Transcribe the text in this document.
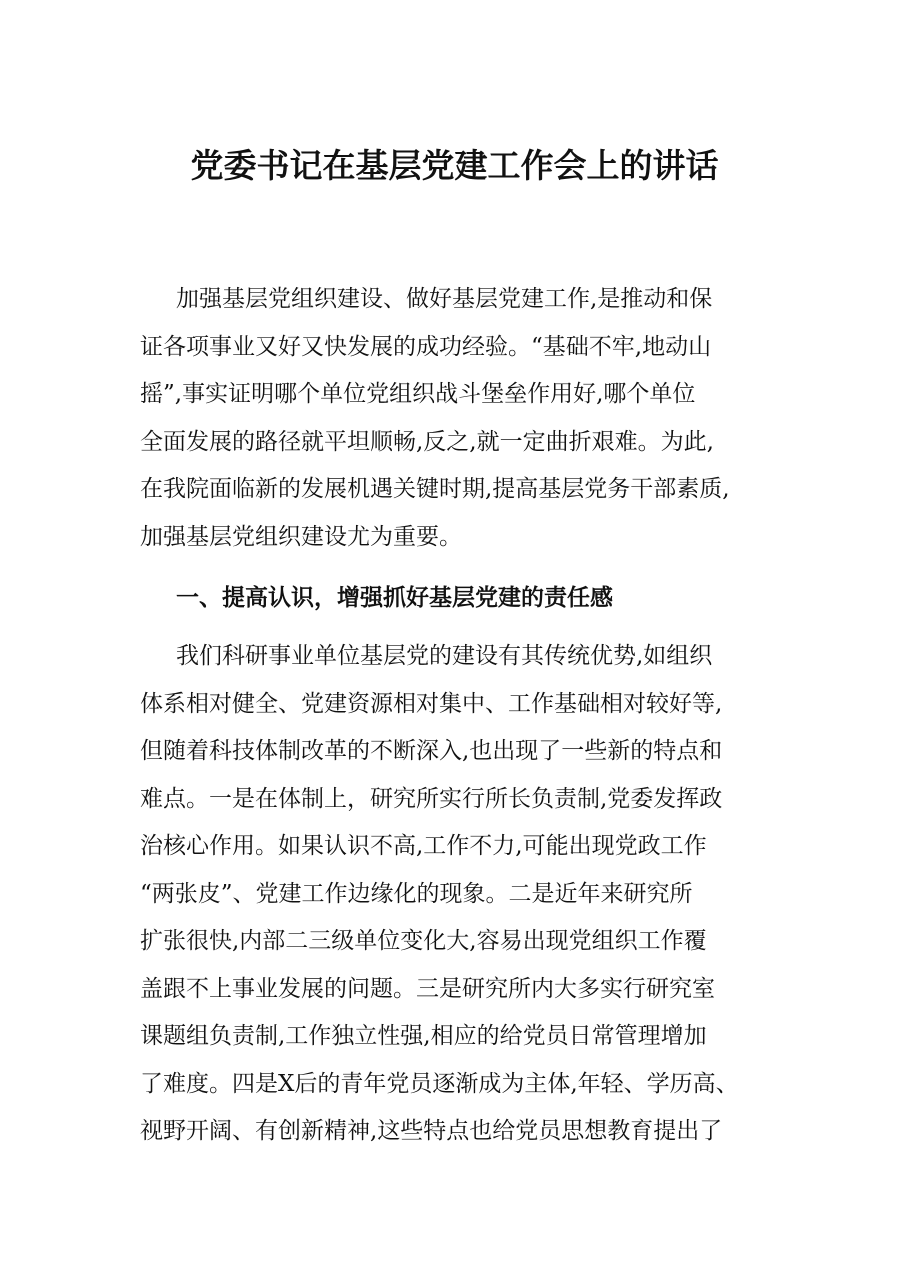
党委书记在基层党建工作会上的讲话
加强基层党组织建设、做好基层党建工作,是推动和保
证各项事业又好又快发展的成功经验。“基础不牢,地动山
摇”,事实证明哪个单位党组织战斗堡垒作用好,哪个单位
全面发展的路径就平坦顺畅,反之,就一定曲折艰难。为此,
在我院面临新的发展机遇关键时期,提高基层党务干部素质,
加强基层党组织建设尤为重要。
一、提高认识，增强抓好基层党建的责任感
我们科研事业单位基层党的建设有其传统优势,如组织
体系相对健全、党建资源相对集中、工作基础相对较好等,
但随着科技体制改革的不断深入,也出现了一些新的特点和
难点。一是在体制上，研究所实行所长负责制,党委发挥政
治核心作用。如果认识不高,工作不力,可能出现党政工作
“两张皮”、党建工作边缘化的现象。二是近年来研究所
扩张很快,内部二三级单位变化大,容易出现党组织工作覆
盖跟不上事业发展的问题。三是研究所内大多实行研究室
课题组负责制,工作独立性强,相应的给党员日常管理增加
了难度。四是X后的青年党员逐渐成为主体,年轻、学历高、
视野开阔、有创新精神,这些特点也给党员思想教育提出了
